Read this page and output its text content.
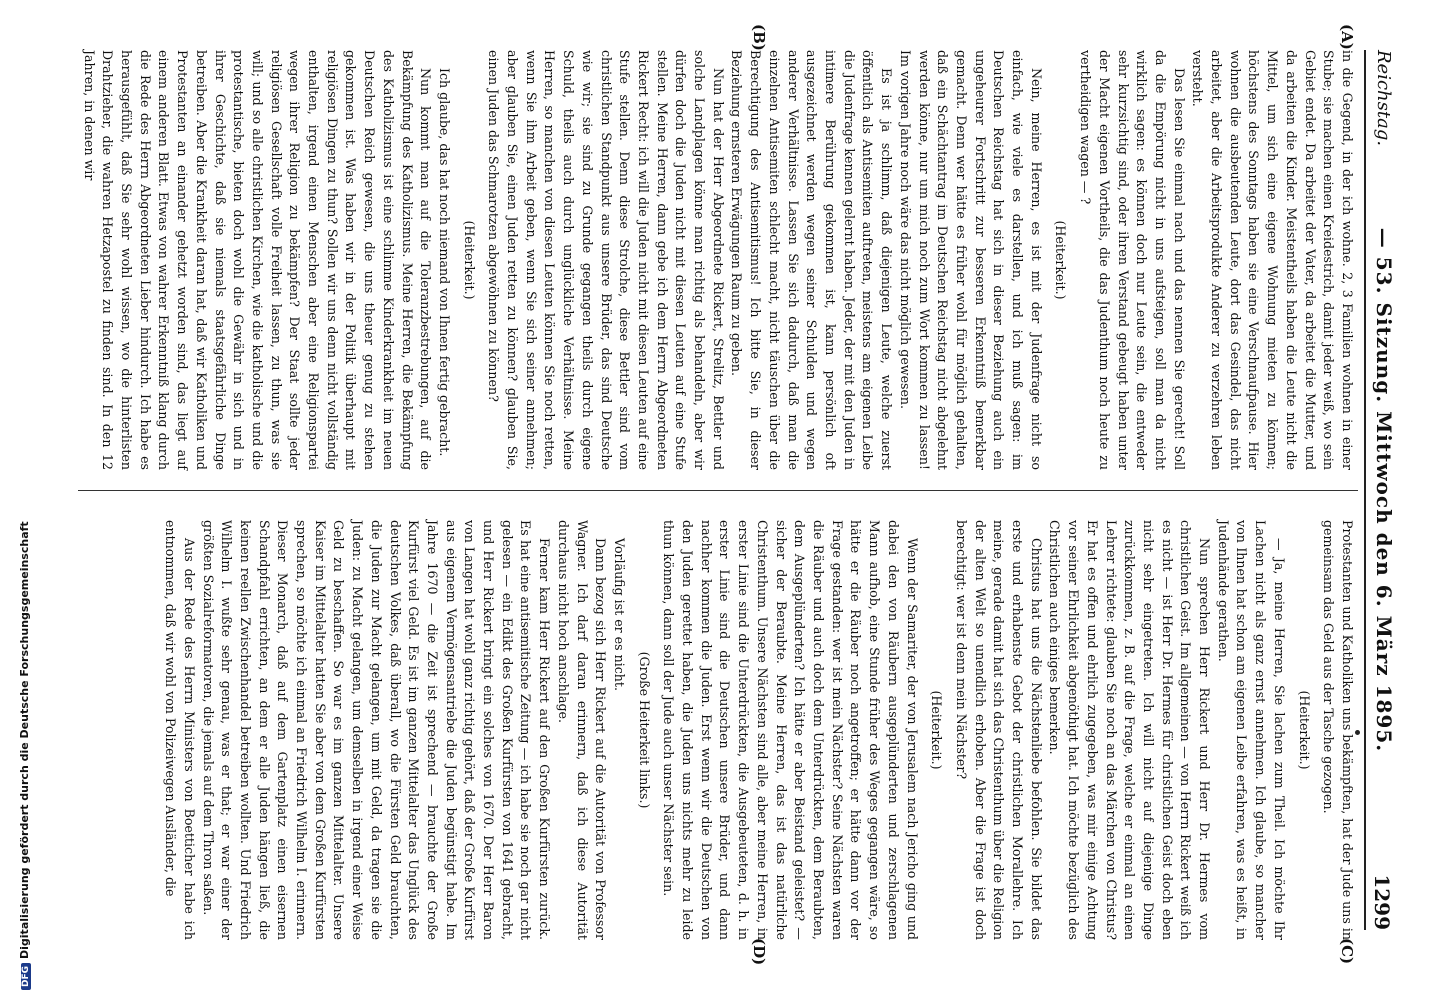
Reichstag.
— 53. Sitzung. Mittwoch den 6. März 1895.
1299
(A)
(B)
(C)
(D)

in die Gegend, in der ich wohne. 2, 3 Familien wohnen in einer Stube; sie machen einen Kreidestrich, damit jeder weiß, wo sein Gebiet endet. Da arbeitet der Vater, da arbeitet die Mutter, und da arbeiten die Kinder. Meistentheils haben die Leute nicht die Mittel, um sich eine eigene Wohnung mieten zu können; höchstens des Sonntags haben sie eine Verschnaufpause. Hier wohnen die ausbeutenden Leute, dort das Gesindel, das nicht arbeitet, aber die Arbeitsprodukte Anderer zu verzehren leben versteht.

Das lesen Sie einmal nach und das nennen Sie gerecht! Soll da die Empörung nicht in uns aufsteigen, soll man da nicht wirklich sagen: es können doch nur Leute sein, die entweder sehr kurzsichtig sind, oder ihren Verstand gebeugt haben unter der Macht eigenen Vortheils, die das Judenthum noch heute zu vertheidigen wagen — ?

(Heiterkeit.)

Nein, meine Herren, es ist mit der Judenfrage nicht so einfach, wie viele es darstellen, und ich muß sagen: im Deutschen Reichstag hat sich in dieser Beziehung auch ein ungeheurer Fortschritt zur besseren Erkenntniß bemerkbar gemacht. Denn wer hätte es früher wohl für möglich gehalten, daß ein Schächtantrag im Deutschen Reichstag nicht abgelehnt werden könne, nur um mich noch zum Wort kommen zu lassen! Im vorigen Jahre noch wäre das nicht möglich gewesen.

Es ist ja schlimm, daß diejenigen Leute, welche zuerst öffentlich als Antisemiten auftreten, meistens am eigenen Leibe die Judenfrage kennen gelernt haben. Jeder, der mit den Juden in intimere Berührung gekommen ist, kann persönlich oft ausgezeichnet werden wegen seiner Schulden und wegen anderer Verhältnisse. Lassen Sie sich dadurch, daß man die einzelnen Antisemiten schlecht macht, nicht täuschen über die Berechtigung des Antisemitismus! Ich bitte Sie, in dieser Beziehung ernsteren Erwägungen Raum zu geben.

Nun hat der Herr Abgeordnete Rickert, Strelitz, Bettler und solche Landplagen könne man richtig als behandeln, aber wir dürfen doch die Juden nicht mit diesen Leuten auf eine Stufe stellen. Meine Herren, dann gebe ich dem Herrn Abgeordneten Rickert Recht: ich will die Juden nicht mit diesen Leuten auf eine Stufe stellen. Denn diese Strolche, diese Bettler sind vom christlichen Standpunkt aus unsere Brüder, das sind Deutsche wie wir; sie sind zu Grunde gegangen theils durch eigene Schuld, theils auch durch unglückliche Verhältnisse. Meine Herren, so manchen von diesen Leuten können Sie noch retten, wenn Sie ihm Arbeit geben, wenn Sie sich seiner annehmen; aber glauben Sie, einen Juden retten zu können? glauben Sie, einen Juden das Schmarotzen abgewöhnen zu können?

(Heiterkeit.)

Ich glaube, das hat noch niemand von Ihnen fertig gebracht.

Nun kommt man auf die Toleranzbestrebungen, auf die Bekämpfung des Katholizismus. Meine Herren, die Bekämpfung des Katholizismus ist eine schlimme Kinderkrankheit im neuen Deutschen Reich gewesen, die uns theuer genug zu stehen gekommen ist. Was haben wir in der Politik überhaupt mit religiösen Dingen zu thun? Sollen wir uns denn nicht vollständig enthalten, irgend einen Menschen aber eine Religionspartei wegen ihrer Religion zu bekämpfen? Der Staat sollte jeder religiösen Gesellschaft volle Freiheit lassen, zu thun, was sie will; und so alle christlichen Kirchen, wie die katholische und die protestantische, bieten doch wohl die Gewähr in sich und in ihrer Geschichte, daß sie niemals staatsgefährliche Dinge betreiben. Aber die Krankheit daran hat, daß wir Katholiken und Protestanten an einander gehetzt worden sind, das liegt auf einem anderen Blatt. Etwas von wahrer Erkenntniß klang durch die Rede des Herrn Abgeordneten Lieber hindurch. Ich habe es herausgefühlt, daß Sie sehr wohl wissen, wo die hinterlisten Drahtzieher, die wahren Hetzapostel zu finden sind. In den 12 Jahren, in denen wir

Protestanten und Katholiken uns bekämpften, hat der Jude uns in gemeinsam das Geld aus der Tasche gezogen.

(Heiterkeit.)

— Ja, meine Herren, Sie lachen zum Theil. Ich möchte Ihr Lachen nicht als ganz ernst annehmen. Ich glaube, so mancher von Ihnen hat schon am eigenen Leibe erfahren, was es heißt, in Judenhände gerathen.

Nun sprechen Herr Rickert und Herr Dr. Hermes vom christlichen Geist. Im allgemeinen — von Herrn Rickert weiß ich es nicht — ist Herr Dr. Hermes für christlichen Geist doch eben nicht sehr eingetreten. Ich will nicht auf diejenige Dinge zurückkommen, z. B. auf die Frage, welche er einmal an einen Lehrer richtete: glauben Sie noch an das Märchen von Christus? Er hat es offen und ehrlich zugegeben, was mir einige Achtung vor seiner Ehrlichkeit abgenöthigt hat. Ich möchte bezüglich des Christlichen auch einiges bemerken.

Christus hat uns die Nächstenliebe befohlen. Sie bildet das erste und erhabenste Gebot der christlichen Morallehre. Ich meine, gerade damit hat sich das Christenthum über die Religion der alten Welt so unendlich erhoben. Aber die Frage ist doch berechtigt: wer ist denn mein Nächster?

(Heiterkeit.)

Wenn der Samariter, der von Jerusalem nach Jericho ging und dabei den von Räubern ausgeplünderten und zerschlagenen Mann aufhob, eine Stunde früher des Weges gegangen wäre, so hätte er die Räuber noch angetroffen; er hätte dann vor der Frage gestanden: wer ist mein Nächster? Seine Nächsten waren die Räuber und auch doch dem Unterdrückten, dem Beraubten, dem Ausgeplünderten? Ich hätte er aber Beistand geleistet? — sicher der Beraubte. Meine Herren, das ist das natürliche Christenthum. Unsere Nächsten sind alle, aber meine Herren, in erster Linie sind die Unterdrückten, die Ausgebeuteten, d. h. in erster Linie sind die Deutschen unsere Brüder, und dann nachher kommen die Juden. Erst wenn wir die Deutschen von den Juden gerettet haben, die Juden uns nichts mehr zu leide thun können, dann soll der Jude auch unser Nächster sein.

(Große Heiterkeit links.)

Vorläufig ist er es nicht.

Dann bezog sich Herr Rickert auf die Autorität von Professor Wagner. Ich darf daran erinnern, daß ich diese Autorität durchaus nicht hoch anschlage.

Ferner kam Herr Rickert auf den Großen Kurfürsten zurück. Es hat eine antisemitische Zeitung — ich habe sie noch gar nicht gelesen — ein Edikt des Großen Kurfürsten von 1641 gebracht, und Herr Rickert bringt ein solches von 1670. Der Herr Baron von Langen hat wohl ganz richtig gehört, daß der Große Kurfürst aus eigenem Vermögensantriebe die Juden begünstigt habe. Im Jahre 1670 — die Zeit ist sprechend — brauchte der Große Kurfürst viel Geld. Es ist im ganzen Mittelalter das Unglück des deutschen Volkes, daß überall, wo die Fürsten Geld brauchten, die Juden zur Macht gelangen, um mit Geld, da tragen sie die Juden: zu Macht gelangen, um demselben in irgend einer Weise Geld zu beschaffen. So war es im ganzen Mittelalter. Unsere Kaiser im Mittelalter hatten Sie aber von dem Großen Kurfürsten sprechen, so möchte ich einmal an Friedrich Wilhelm I. erinnern. Dieser Monarch, daß auf dem Gartenplatz einen eisernen Schandpfahl errichten, an dem er alle Juden hängen ließ, die keinen reellen Zwischenhandel betreiben wollten. Und Friedrich Wilhelm I. wußte sehr genau, was er that; er war einer der größten Sozialreformatoren, die jemals auf dem Thron saßen.

Aus der Rede des Herrn Ministers von Boetticher habe ich entnommen, daß wir wohl von Polizeiwegen Ausländer, die

DFGDigitalisierung gefördert durch die Deutsche Forschungsgemeinschaft
